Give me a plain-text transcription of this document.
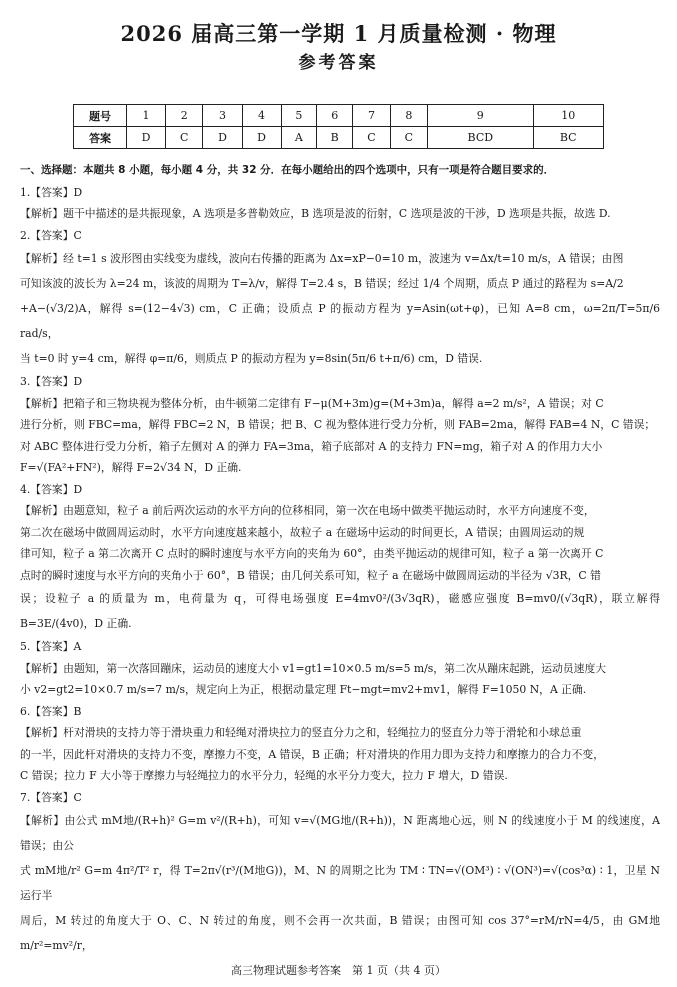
2026 届高三第一学期 1 月质量检测 · 物理
参考答案
题号	1	2	3	4	5	6	7	8	9	10
答案	D	C	D	D	A	B	C	C	BCD	BC

一、选择题：本题共 8 小题，每小题 4 分，共 32 分．在每小题给出的四个选项中，只有一项是符合题目要求的．

1.【答案】D

【解析】题干中描述的是共振现象，A 选项是多普勒效应，B 选项是波的衍射，C 选项是波的干涉，D 选项是共振，故选 D.

2.【答案】C

【解析】经 t=1 s 波形图由实线变为虚线，波向右传播的距离为 Δx=xP−0=10 m，波速为 v=Δx/t=10 m/s，A 错误；由图

可知该波的波长为 λ=24 m，该波的周期为 T=λ/v，解得 T=2.4 s，B 错误；经过 1/4 个周期，质点 P 通过的路程为 s=A/2

+A−(√3/2)A，解得 s=(12−4√3) cm，C 正确；设质点 P 的振动方程为 y=Asin(ωt+φ)，已知 A=8 cm，ω=2π/T=5π/6 rad/s，

当 t=0 时 y=4 cm，解得 φ=π/6，则质点 P 的振动方程为 y=8sin(5π/6 t+π/6) cm，D 错误.

3.【答案】D

【解析】把箱子和三物块视为整体分析，由牛顿第二定律有 F−μ(M+3m)g=(M+3m)a，解得 a=2 m/s²，A 错误；对 C

进行分析，则 FBC=ma，解得 FBC=2 N，B 错误；把 B、C 视为整体进行受力分析，则 FAB=2ma，解得 FAB=4 N，C 错误；

对 ABC 整体进行受力分析，箱子左侧对 A 的弹力 FA=3ma，箱子底部对 A 的支持力 FN=mg，箱子对 A 的作用力大小

F=√(FA²+FN²)，解得 F=2√34 N，D 正确.

4.【答案】D

【解析】由题意知，粒子 a 前后两次运动的水平方向的位移相同，第一次在电场中做类平抛运动时，水平方向速度不变，

第二次在磁场中做圆周运动时，水平方向速度越来越小，故粒子 a 在磁场中运动的时间更长，A 错误；由圆周运动的规

律可知，粒子 a 第二次离开 C 点时的瞬时速度与水平方向的夹角为 60°，由类平抛运动的规律可知，粒子 a 第一次离开 C

点时的瞬时速度与水平方向的夹角小于 60°，B 错误；由几何关系可知，粒子 a 在磁场中做圆周运动的半径为 √3R，C 错

误；设粒子 a 的质量为 m，电荷量为 q，可得电场强度 E=4mv0²/(3√3qR)，磁感应强度 B=mv0/(√3qR)，联立解得 B=3E/(4v0)，D 正确.

5.【答案】A

【解析】由题知，第一次落回蹦床，运动员的速度大小 v1=gt1=10×0.5 m/s=5 m/s，第二次从蹦床起跳，运动员速度大

小 v2=gt2=10×0.7 m/s=7 m/s，规定向上为正，根据动量定理 Ft−mgt=mv2+mv1，解得 F=1050 N，A 正确.

6.【答案】B

【解析】杆对滑块的支持力等于滑块重力和轻绳对滑块拉力的竖直分力之和，轻绳拉力的竖直分力等于滑轮和小球总重

的一半，因此杆对滑块的支持力不变，摩擦力不变，A 错误，B 正确；杆对滑块的作用力即为支持力和摩擦力的合力不变，

C 错误；拉力 F 大小等于摩擦力与轻绳拉力的水平分力，轻绳的水平分力变大，拉力 F 增大，D 错误.

7.【答案】C

【解析】由公式 mM地/(R+h)² G=m v²/(R+h)，可知 v=√(MG地/(R+h))，N 距离地心远，则 N 的线速度小于 M 的线速度，A 错误；由公

式 mM地/r² G=m 4π²/T² r，得 T=2π√(r³/(M地G))，M、N 的周期之比为 TM ∶ TN=√(OM³) ∶ √(ON³)=√(cos³α) ∶ 1，卫星 N 运行半

周后，M 转过的角度大于 O、C、N 转过的角度，则不会再一次共面，B 错误；由图可知 cos 37°=rM/rN=4/5，由 GM地m/r²=mv²/r，

高三物理试题参考答案　第 1 页（共 4 页）
